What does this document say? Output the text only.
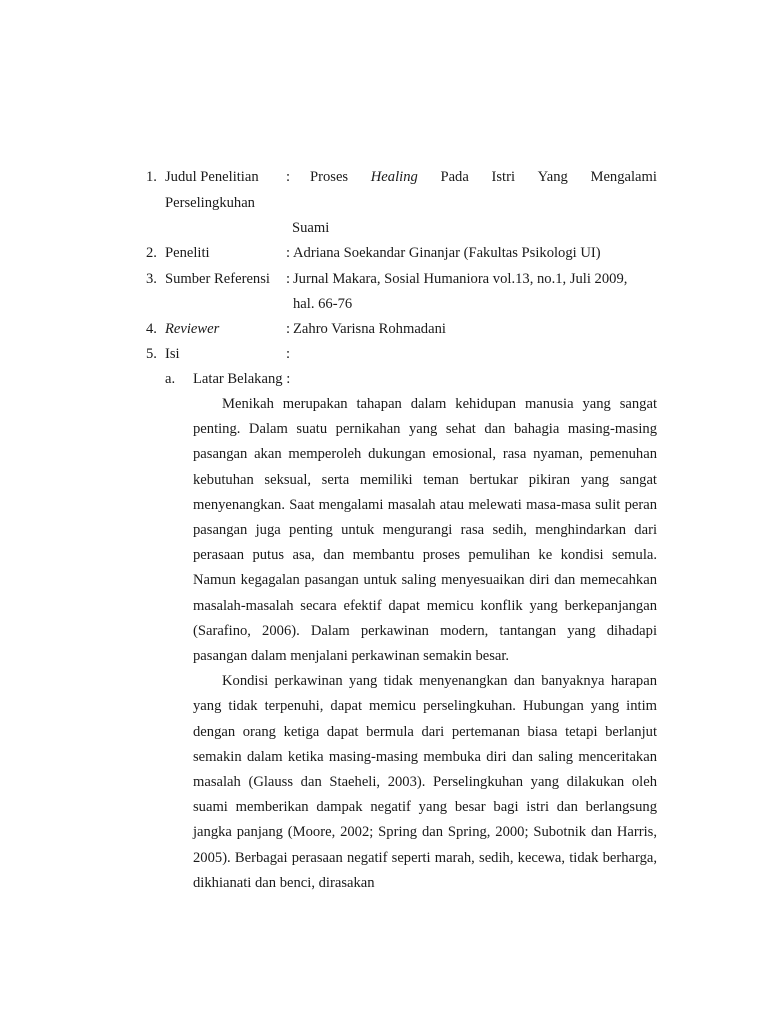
1. Judul Penelitian : Proses Healing Pada Istri Yang Mengalami
Perselingkuhan
Suami
2. Peneliti	: Adriana Soekandar Ginanjar (Fakultas Psikologi UI)
3. Sumber Referensi : Jurnal Makara, Sosial Humaniora vol.13, no.1, Juli 2009,
hal. 66-76
4. Reviewer	: Zahro Varisna Rohmadani
5. Isi	:
a. Latar Belakang :

Menikah merupakan tahapan dalam kehidupan manusia yang sangat penting. Dalam suatu pernikahan yang sehat dan bahagia masing-masing pasangan akan memperoleh dukungan emosional, rasa nyaman, pemenuhan kebutuhan seksual, serta memiliki teman bertukar pikiran yang sangat menyenangkan. Saat mengalami masalah atau melewati masa-masa sulit peran pasangan juga penting untuk mengurangi rasa sedih, menghindarkan dari perasaan putus asa, dan membantu proses pemulihan ke kondisi semula. Namun kegagalan pasangan untuk saling menyesuaikan diri dan memecahkan masalah-masalah secara efektif dapat memicu konflik yang berkepanjangan (Sarafino, 2006). Dalam perkawinan modern, tantangan yang dihadapi pasangan dalam menjalani perkawinan semakin besar.

Kondisi perkawinan yang tidak menyenangkan dan banyaknya harapan yang tidak terpenuhi, dapat memicu perselingkuhan. Hubungan yang intim dengan orang ketiga dapat bermula dari pertemanan biasa tetapi berlanjut semakin dalam ketika masing-masing membuka diri dan saling menceritakan masalah (Glauss dan Staeheli, 2003). Perselingkuhan yang dilakukan oleh suami memberikan dampak negatif yang besar bagi istri dan berlangsung jangka panjang (Moore, 2002; Spring dan Spring, 2000; Subotnik dan Harris, 2005). Berbagai perasaan negatif seperti marah, sedih, kecewa, tidak berharga, dikhianati dan benci, dirasakan
